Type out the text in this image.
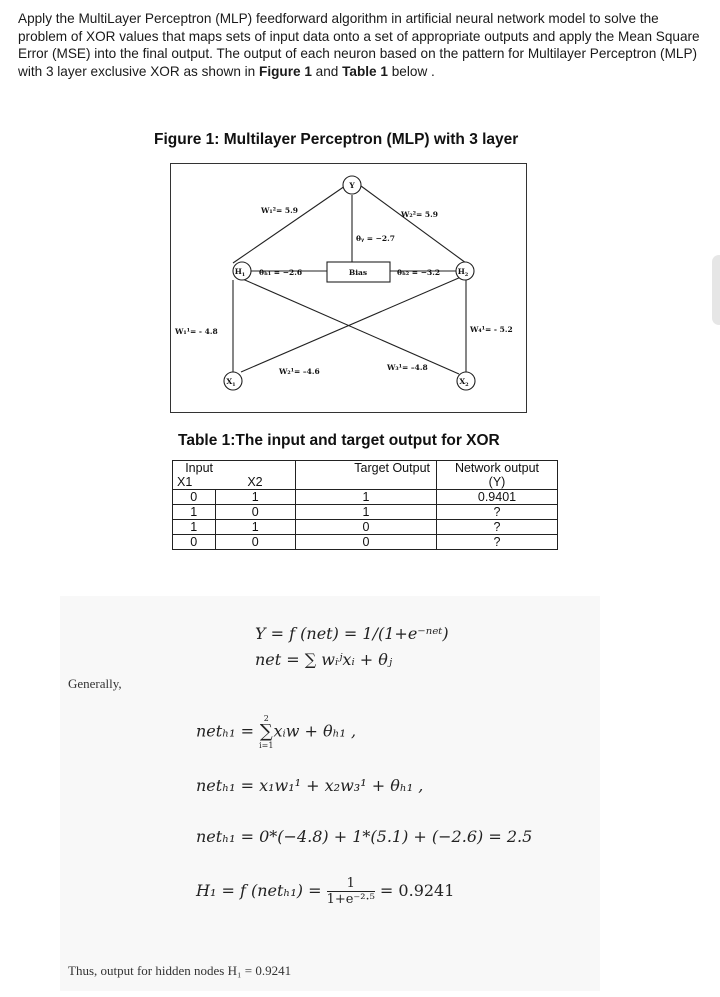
Apply the MultiLayer Perceptron (MLP) feedforward algorithm in artificial neural network model to solve the problem of XOR values that maps sets of input data onto a set of appropriate outputs and apply the Mean Square Error (MSE) into the final output. The output of each neuron based on the pattern for Multilayer Perceptron (MLP) with 3 layer exclusive XOR as shown in Figure 1 and Table 1 below .
Figure 1: Multilayer Perceptron (MLP) with 3 layer
Y
$H_1$	$H_2$
$X_1$	$X_2$
Bias
W₁²= 5.9	W₂²= 5.9
θᵧ = −2.7
θₕ₁ = −2.6	θₕ₂ = −3.2
W₁¹= - 4.8	W₄¹= - 5.2
W₂¹= –4.6	W₃¹= –4.8
Table 1:The input and target output for XOR
Input		Target Output	Network output
X1	X2		(Y)
0	1	1	0.9401
1	0	1	?
1	1	0	?
0	0	0	?
Y = f (net) = 1/(1+e⁻ⁿᵉᵗ)
net = ∑ wᵢʲxᵢ + θⱼ
Generally,
netₕ₁ =
2
∑
i=1
xᵢw + θₕ₁ ,
netₕ₁ = x₁w₁¹ + x₂w₃¹ + θₕ₁ ,
netₕ₁ = 0*(−4.8) + 1*(5.1) + (−2.6) = 2.5
H₁ = f $(net_{h1}) = \frac{1}{\text{1+e⁻²·⁵}} = 0.9241$
Thus, output for hidden nodes H₁ = 0.9241
